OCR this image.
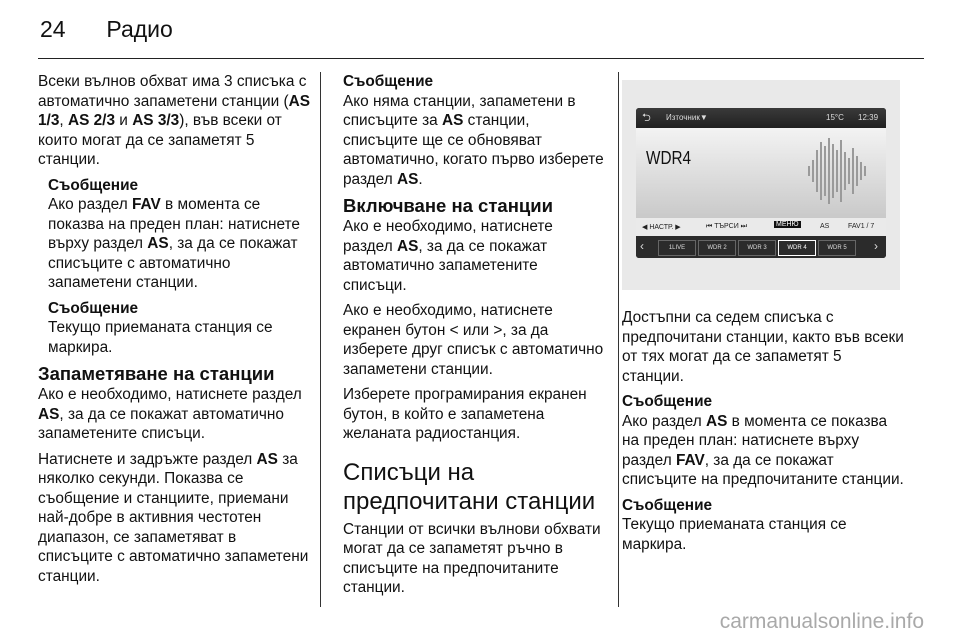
24 Радио

Всеки вълнов обхват има 3 списъка с автоматично запаметени станции (AS 1/3, AS 2/3 и AS 3/3), във всеки от които могат да се запаметят 5 станции.

Съобщение
Ако раздел FAV в момента се показва на преден план: натиснете върху раздел AS, за да се покажат списъците с автоматично запаметени станции.
Съобщение
Текущо приеманата станция се маркира.
Запаметяване на станции

Ако е необходимо, натиснете раздел AS, за да се покажат автоматично запаметените списъци.

Натиснете и задръжте раздел AS за няколко секунди. Показва се съобщение и станциите, приемани най-добре в активния честотен диапазон, се запаметяват в списъците с автоматично запаметени станции.

Съобщение
Ако няма станции, запаметени в списъците за AS станции, списъците ще се обновяват автоматично, когато първо изберете раздел AS.
Включване на станции

Ако е необходимо, натиснете раздел AS, за да се покажат автоматично запаметените списъци.

Ако е необходимо, натиснете екранен бутон < или >, за да изберете друг списък с автоматично запаметени станции.

Изберете програмирания екранен бутон, в който е запаметена желаната радиостанция.

Списъци на
предпочитани станции

Станции от всички вълнови обхвати могат да се запаметят ръчно в списъците на предпочитаните станции.

⮌ Източник▼	15°C 12:39
WDR4
◀ НАСТР. ▶	⏮ ТЪРСИ ⏭	МЕНЮ	AS	FAV1 / 7
‹	1LIVE	WDR 2	WDR 3	WDR 4	WDR 5	›

Достъпни са седем списъка с предпочитани станции, както във всеки от тях могат да се запаметят 5 станции.

Съобщение
Ако раздел AS в момента се показва на преден план: натиснете върху раздел FAV, за да се покажат списъците на предпочитаните станции.
Съобщение
Текущо приеманата станция се маркира.
carmanualsonline.info
